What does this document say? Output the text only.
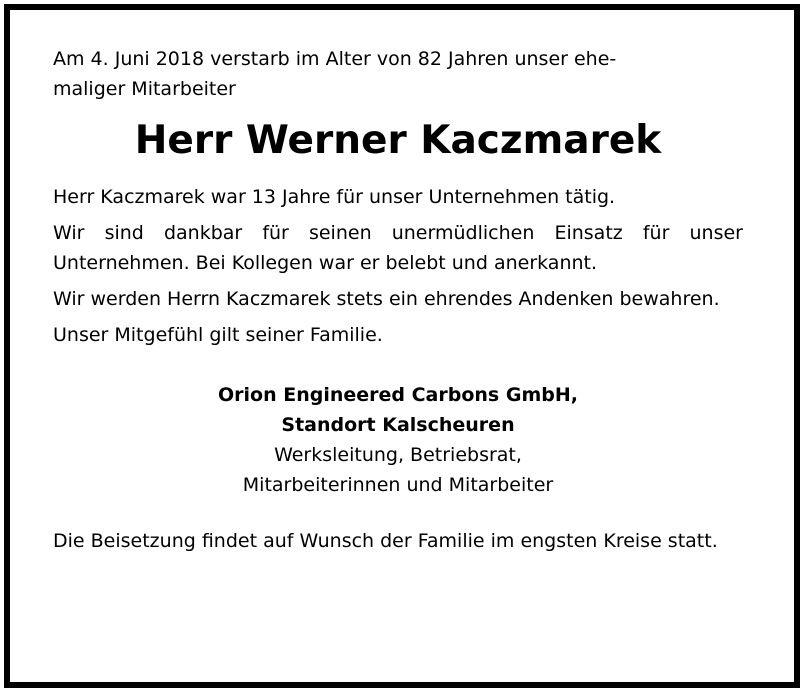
Am 4. Juni 2018 verstarb im Alter von 82 Jahren unser ehe-
maliger Mitarbeiter

Herr Werner Kaczmarek

Herr Kaczmarek war 13 Jahre für unser Unternehmen tätig.

Wir sind dankbar für seinen unermüdlichen Einsatz für unser Unternehmen. Bei Kollegen war er belebt und anerkannt.

Wir werden Herrn Kaczmarek stets ein ehrendes Andenken bewahren.

Unser Mitgefühl gilt seiner Familie.

Orion Engineered Carbons GmbH,
Standort Kalscheuren
Werksleitung, Betriebsrat,
Mitarbeiterinnen und Mitarbeiter

Die Beisetzung findet auf Wunsch der Familie im engsten Kreise statt.
